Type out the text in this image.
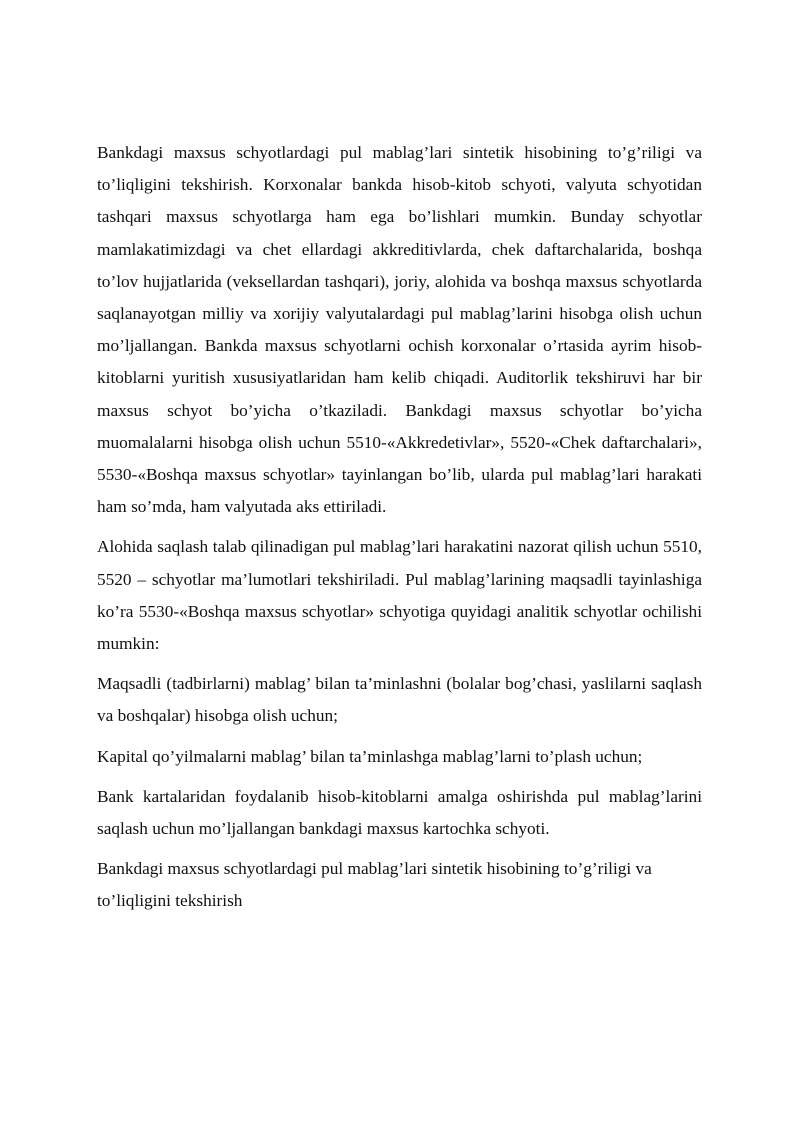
Bankdagi maxsus schyotlardagi pul mablag’lari sintetik hisobining to’g’riligi va to’liqligini tekshirish. Korxonalar bankda hisob-kitob schyoti, valyuta schyotidan tashqari maxsus schyotlarga ham ega bo’lishlari mumkin. Bunday schyotlar mamlakatimizdagi va chet ellardagi akkreditivlarda, chek daftarchalarida, boshqa to’lov hujjatlarida (veksellardan tashqari), joriy, alohida va boshqa maxsus schyotlarda saqlanayotgan milliy va xorijiy valyutalardagi pul mablag’larini hisobga olish uchun mo’ljallangan. Bankda maxsus schyotlarni ochish korxonalar o’rtasida ayrim hisob-kitoblarni yuritish xususiyatlaridan ham kelib chiqadi. Auditorlik tekshiruvi har bir maxsus schyot bo’yicha o’tkaziladi. Bankdagi maxsus schyotlar bo’yicha muomalalarni hisobga olish uchun 5510-«Akkredetivlar», 5520-«Chek daftarchalari», 5530-«Boshqa maxsus schyotlar» tayinlangan bo’lib, ularda pul mablag’lari harakati ham so’mda, ham valyutada aks ettiriladi.

Alohida saqlash talab qilinadigan pul mablag’lari harakatini nazorat qilish uchun 5510, 5520 – schyotlar ma’lumotlari tekshiriladi. Pul mablag’larining maqsadli tayinlashiga ko’ra 5530-«Boshqa maxsus schyotlar» schyotiga quyidagi analitik schyotlar ochilishi mumkin:

Maqsadli (tadbirlarni) mablag’ bilan ta’minlashni (bolalar bog’chasi, yaslilarni saqlash va boshqalar) hisobga olish uchun;

Kapital qo’yilmalarni mablag’ bilan ta’minlashga mablag’larni to’plash uchun;

Bank kartalaridan foydalanib hisob-kitoblarni amalga oshirishda pul mablag’larini saqlash uchun mo’ljallangan bankdagi maxsus kartochka schyoti.

Bankdagi maxsus schyotlardagi pul mablag’lari sintetik hisobining to’g’riligi va to’liqligini tekshirish
